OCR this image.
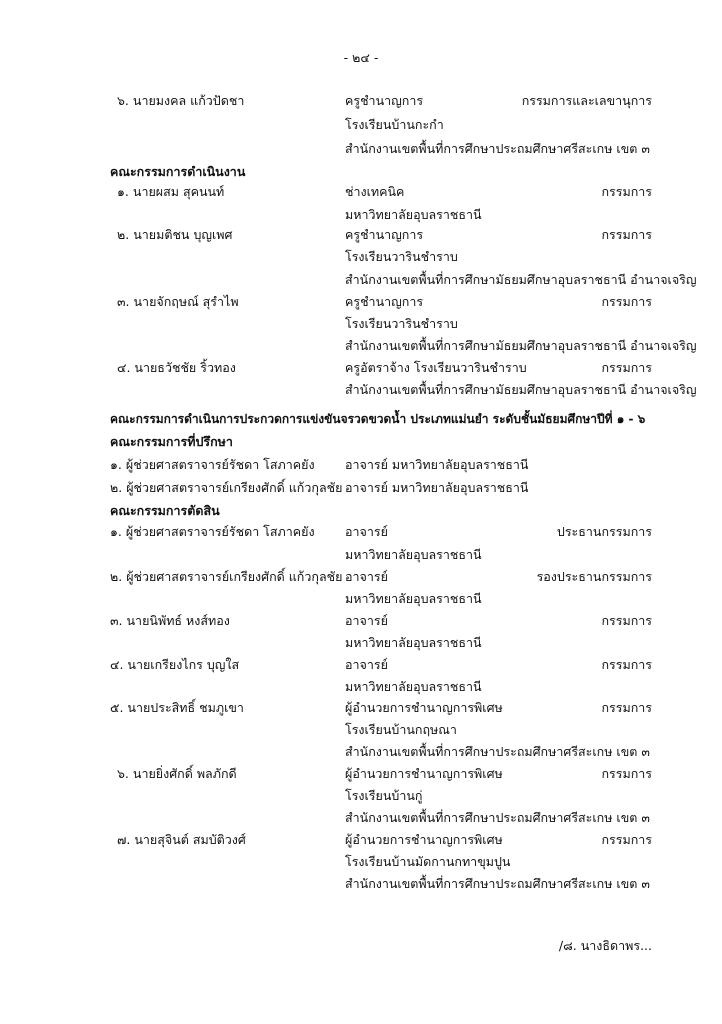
- ๒๔ -
๖. นายมงคล แก้วปัดชา	ครูชำนาญการ	กรรมการและเลขานุการ
โรงเรียนบ้านกะกำ
สำนักงานเขตพื้นที่การศึกษาประถมศึกษาศรีสะเกษ เขต ๓
คณะกรรมการดำเนินงาน
๑. นายผสม สุคนนท์	ช่างเทคนิค	กรรมการ
มหาวิทยาลัยอุบลราชธานี
๒. นายมติชน บุญเพศ	ครูชำนาญการ	กรรมการ
โรงเรียนวารินชำราบ
สำนักงานเขตพื้นที่การศึกษามัธยมศึกษาอุบลราชธานี อำนาจเจริญ
๓. นายจักฤษณ์ สุรำไพ	ครูชำนาญการ	กรรมการ
โรงเรียนวารินชำราบ
สำนักงานเขตพื้นที่การศึกษามัธยมศึกษาอุบลราชธานี อำนาจเจริญ
๔. นายธวัชชัย ริ้วทอง	ครูอัตราจ้าง โรงเรียนวารินชำราบ	กรรมการ
สำนักงานเขตพื้นที่การศึกษามัธยมศึกษาอุบลราชธานี อำนาจเจริญ
คณะกรรมการดำเนินการประกวดการแข่งขันจรวดขวดน้ำ ประเภทแม่นยำ ระดับชั้นมัธยมศึกษาปีที่ ๑ - ๖
คณะกรรมการที่ปรึกษา
๑. ผู้ช่วยศาสตราจารย์รัชดา โสภาคยัง อาจารย์ มหาวิทยาลัยอุบลราชธานี
๒. ผู้ช่วยศาสตราจารย์เกรียงศักดิ์ แก้วกุลชัย อาจารย์ มหาวิทยาลัยอุบลราชธานี
คณะกรรมการตัดสิน
๑. ผู้ช่วยศาสตราจารย์รัชดา โสภาคยัง อาจารย์	ประธานกรรมการ
มหาวิทยาลัยอุบลราชธานี
๒. ผู้ช่วยศาสตราจารย์เกรียงศักดิ์ แก้วกุลชัย อาจารย์	รองประธานกรรมการ
มหาวิทยาลัยอุบลราชธานี
๓. นายนิพัทธ์ หงส์ทอง	อาจารย์	กรรมการ
มหาวิทยาลัยอุบลราชธานี
๔. นายเกรียงไกร บุญใส	อาจารย์	กรรมการ
มหาวิทยาลัยอุบลราชธานี
๕. นายประสิทธิ์ ชมภูเขา	ผู้อำนวยการชำนาญการพิเศษ	กรรมการ
โรงเรียนบ้านกฤษณา
สำนักงานเขตพื้นที่การศึกษาประถมศึกษาศรีสะเกษ เขต ๓
๖. นายยิ่งศักดิ์ พลภักดี	ผู้อำนวยการชำนาญการพิเศษ	กรรมการ
โรงเรียนบ้านกู่
สำนักงานเขตพื้นที่การศึกษาประถมศึกษาศรีสะเกษ เขต ๓
๗. นายสุจินต์ สมบัติวงศ์	ผู้อำนวยการชำนาญการพิเศษ	กรรมการ
โรงเรียนบ้านมัดกานกทาขุมปูน
สำนักงานเขตพื้นที่การศึกษาประถมศึกษาศรีสะเกษ เขต ๓
/๘. นางธิดาพร...
